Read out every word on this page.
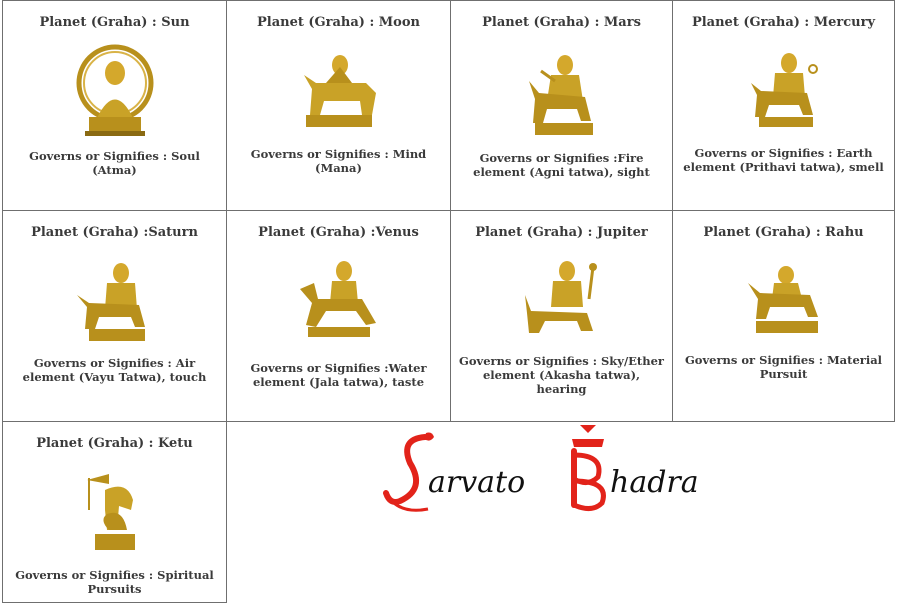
Planet (Graha) : Sun
Governs or Signifies : Soul (Atma)
Planet (Graha) : Moon
Governs or Signifies : Mind (Mana)
Planet (Graha) : Mars
Governs or Signifies :Fire element (Agni tatwa), sight
Planet (Graha) : Mercury
Governs or Signifies : Earth element (Prithavi tatwa), smell
Planet (Graha) :Saturn
Governs or Signifies : Air element (Vayu Tatwa), touch
Planet (Graha) :Venus
Governs or Signifies :Water element (Jala tatwa), taste
Planet (Graha) : Jupiter
Governs or Signifies : Sky/Ether element (Akasha tatwa), hearing
Planet (Graha) : Rahu
Governs or Signifies : Material Pursuit
Planet (Graha) : Ketu
Governs or Signifies : Spiritual Pursuits
arvato	hadra
